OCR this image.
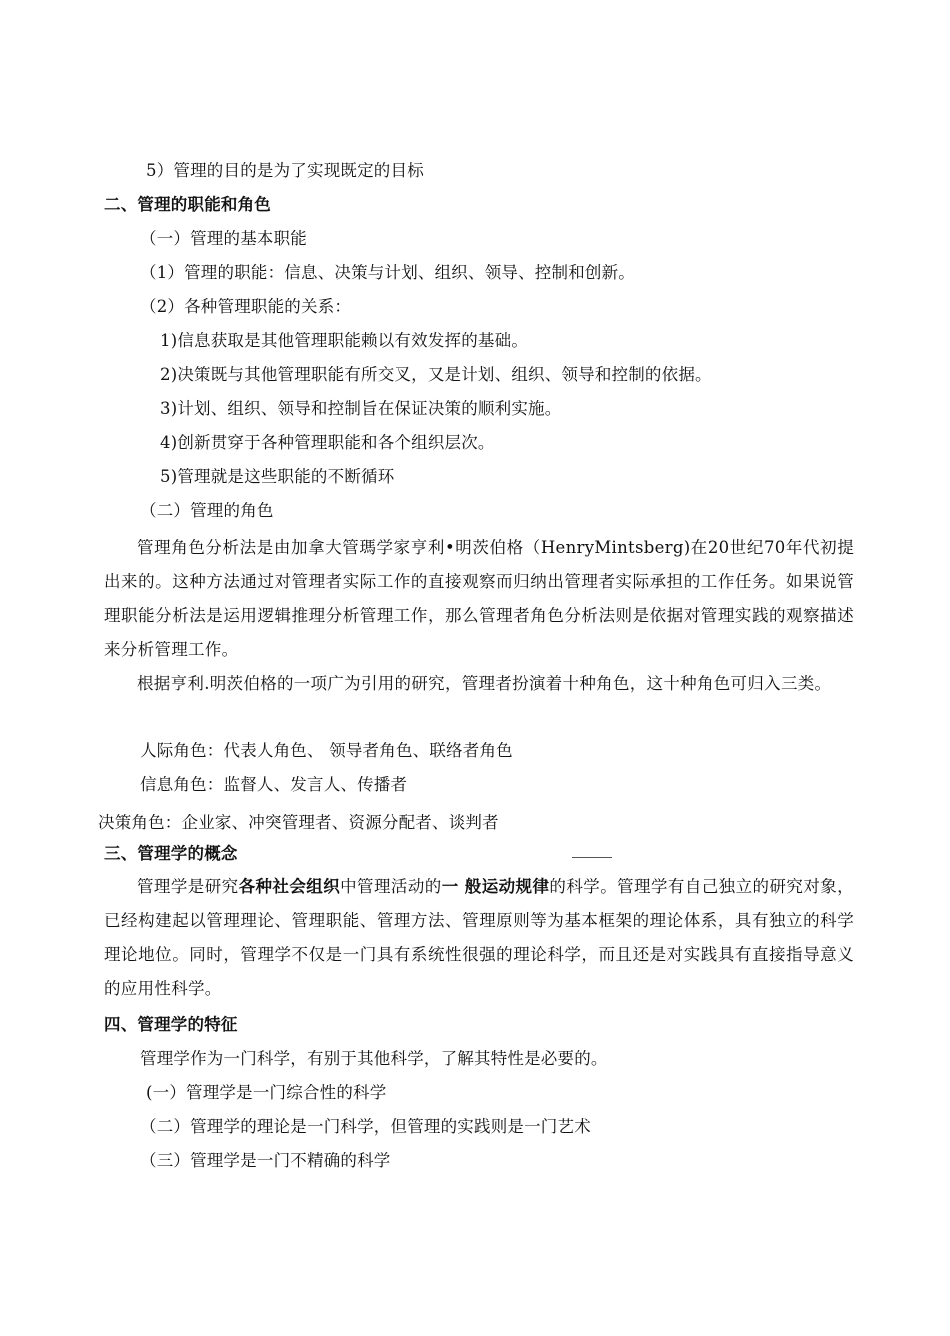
5）管理的目的是为了实现既定的目标
二、管理的职能和角色
（一）管理的基本职能
（1）管理的职能：信息、决策与计划、组织、领导、控制和创新。
（2）各种管理职能的关系：
1)信息获取是其他管理职能赖以有效发挥的基础。
2)决策既与其他管理职能有所交叉，又是计划、组织、领导和控制的依据。
3)计划、组织、领导和控制旨在保证决策的顺利实施。
4)创新贯穿于各种管理职能和各个组织层次。
5)管理就是这些职能的不断循环
（二）管理的角色
管理角色分析法是由加拿大管瑪学家亨利•明茨伯格（HenryMintsberg)在20世纪70年代初提出来的。这种方法通过对管理者实际工作的直接观察而归纳出管理者实际承担的工作任务。如果说管理职能分析法是运用逻辑推理分析管理工作，那么管理者角色分析法则是依据对管理实践的观察描述来分析管理工作。
根据亨利.明茨伯格的一项广为引用的研究，管理者扮演着十种角色，这十种角色可归入三类。
人际角色：代表人角色、 领导者角色、联络者角色
信息角色：监督人、发言人、传播者
决策角色：企业家、冲突管理者、资源分配者、谈判者
三、管理学的概念
管理学是研究各种社会组织中管理活动的一 般运动规律的科学。管理学有自己独立的研究对象，已经构建起以管理理论、管理职能、管理方法、管理原则等为基本框架的理论体系，具有独立的科学理论地位。同时，管理学不仅是一门具有系统性很强的理论科学，而且还是对实践具有直接指导意义的应用性科学。
四、管理学的特征
管理学作为一门科学，有别于其他科学，了解其特性是必要的。
(一）管理学是一门综合性的科学
（二）管理学的理论是一门科学，但管理的实践则是一门艺术
（三）管理学是一门不精确的科学
